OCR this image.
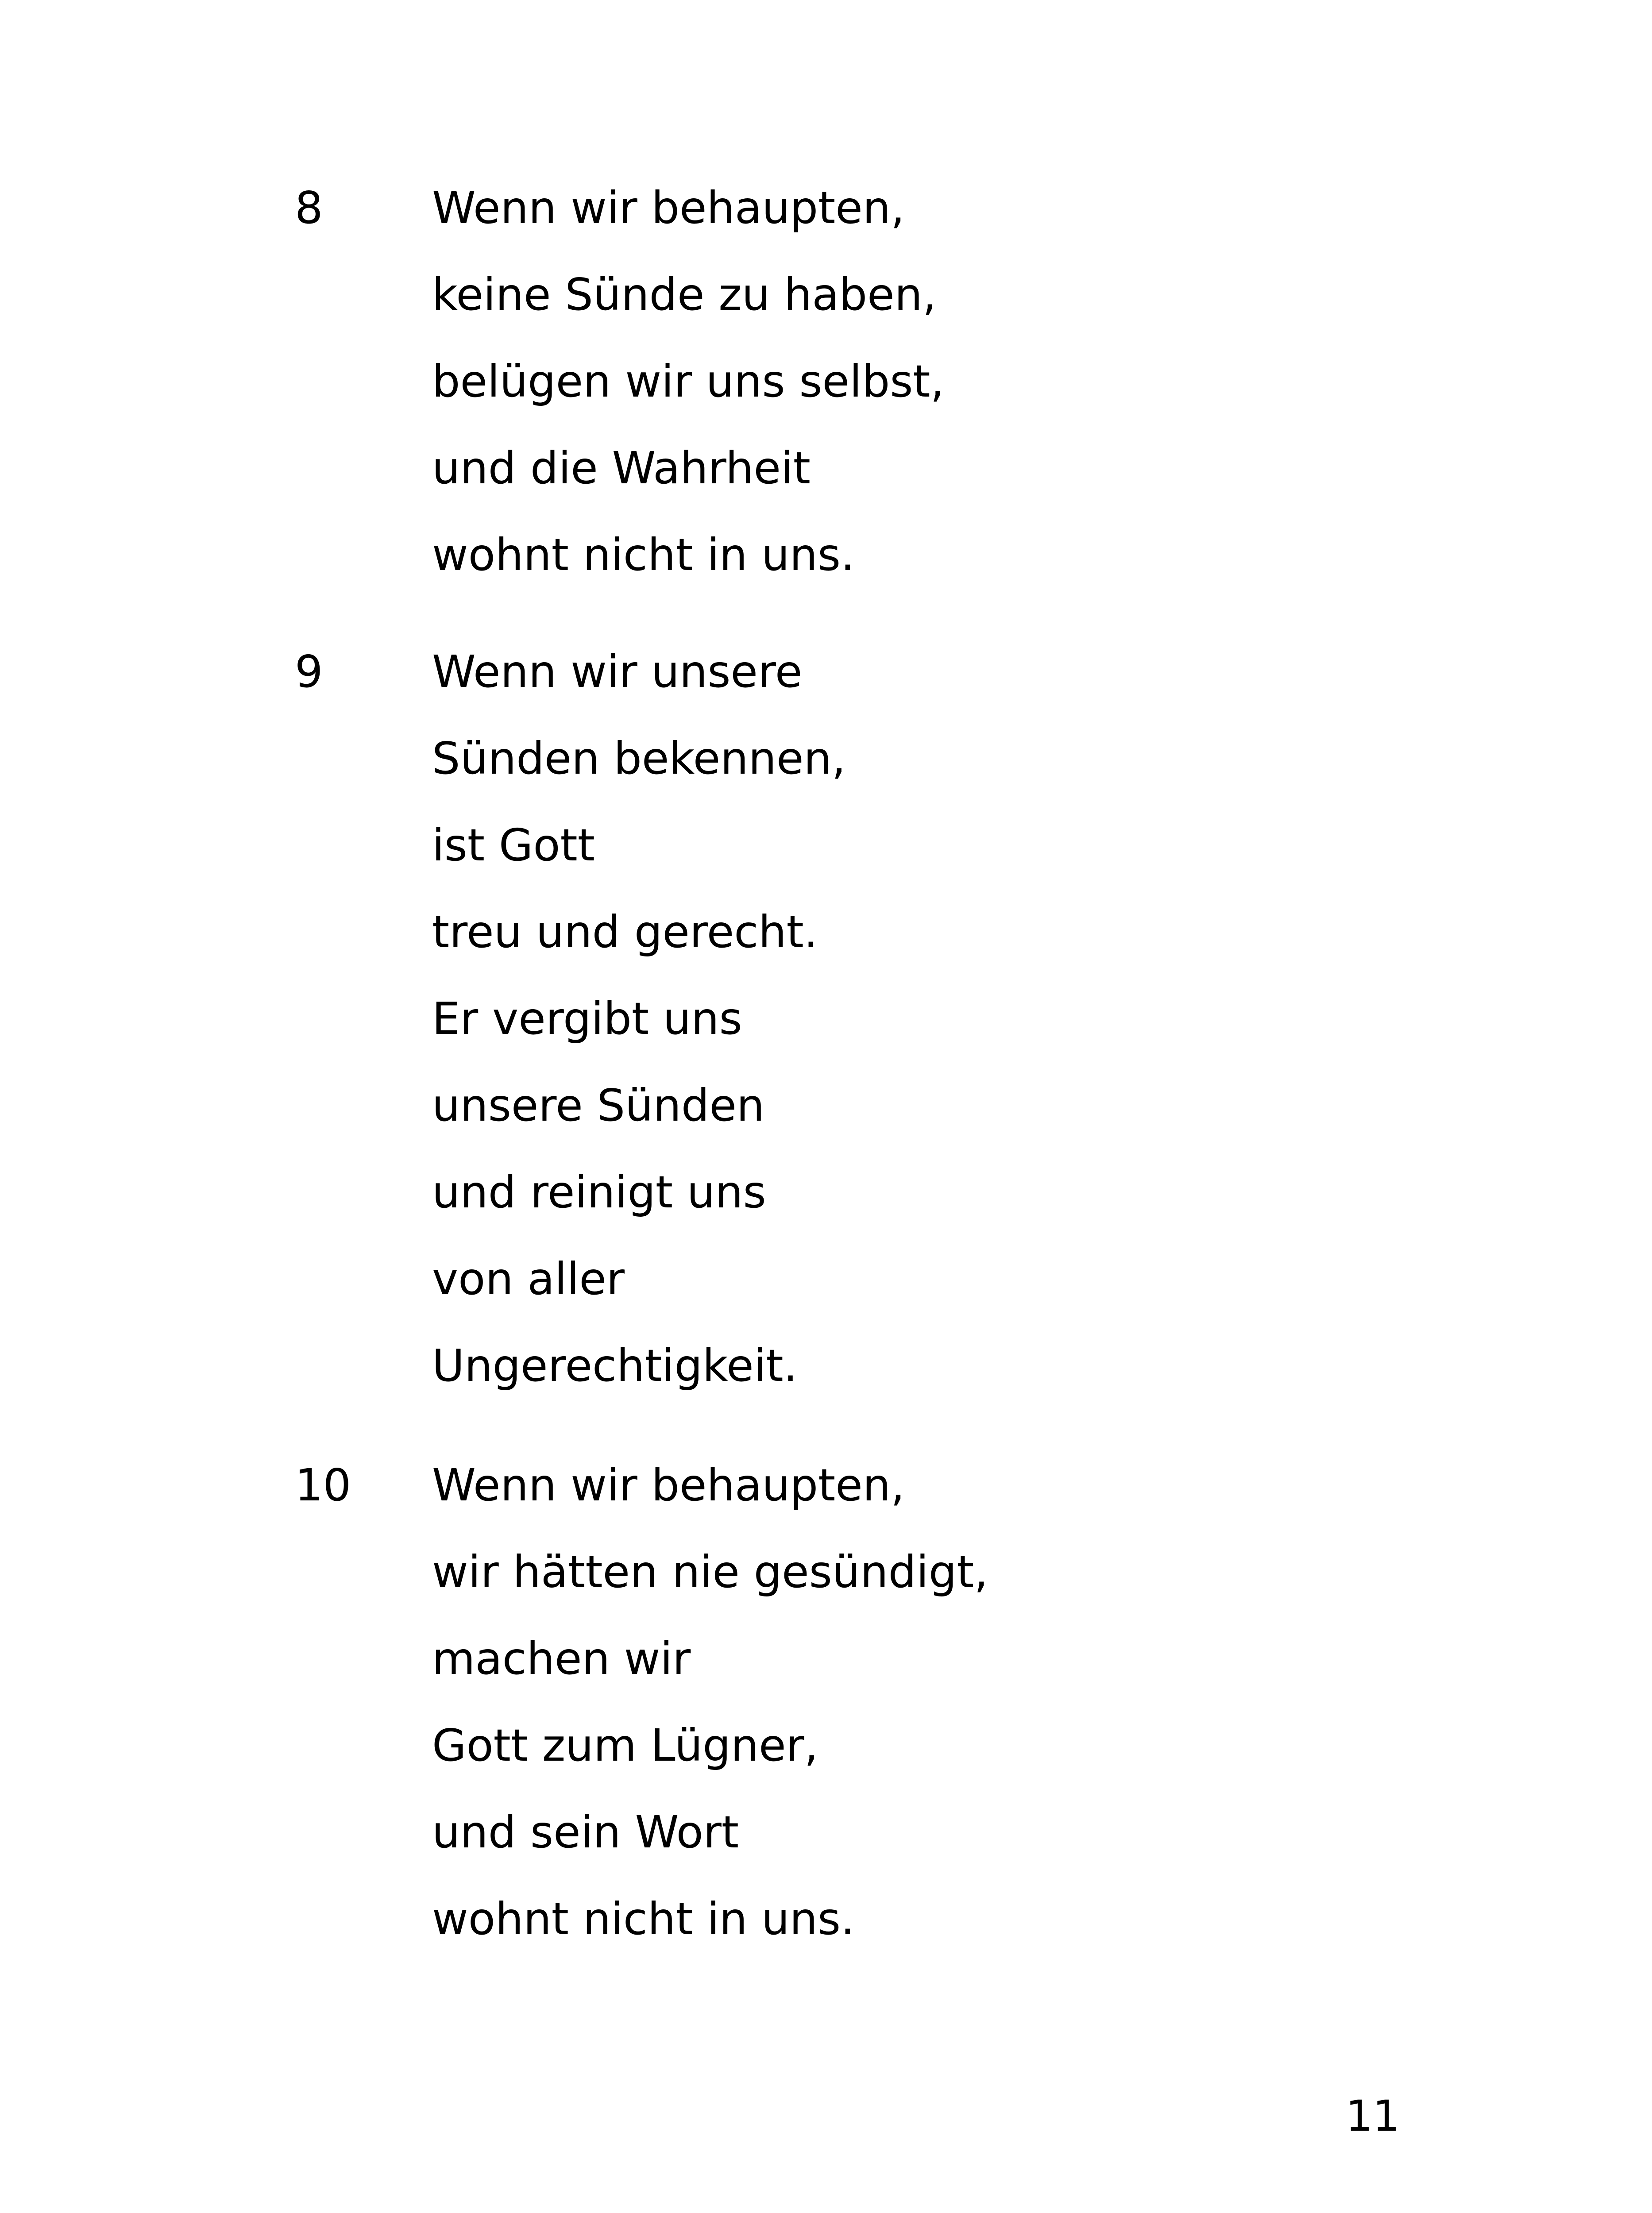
8 Wenn wir behaupten,
keine Sünde zu haben,
belügen wir uns selbst,
und die Wahrheit
wohnt nicht in uns.
9 Wenn wir unsere
Sünden bekennen,
ist Gott
treu und gerecht.
Er vergibt uns
unsere Sünden
und reinigt uns
von aller
Ungerechtigkeit.
10 Wenn wir behaupten,
wir hätten nie gesündigt,
machen wir
Gott zum Lügner,
und sein Wort
wohnt nicht in uns.
11
